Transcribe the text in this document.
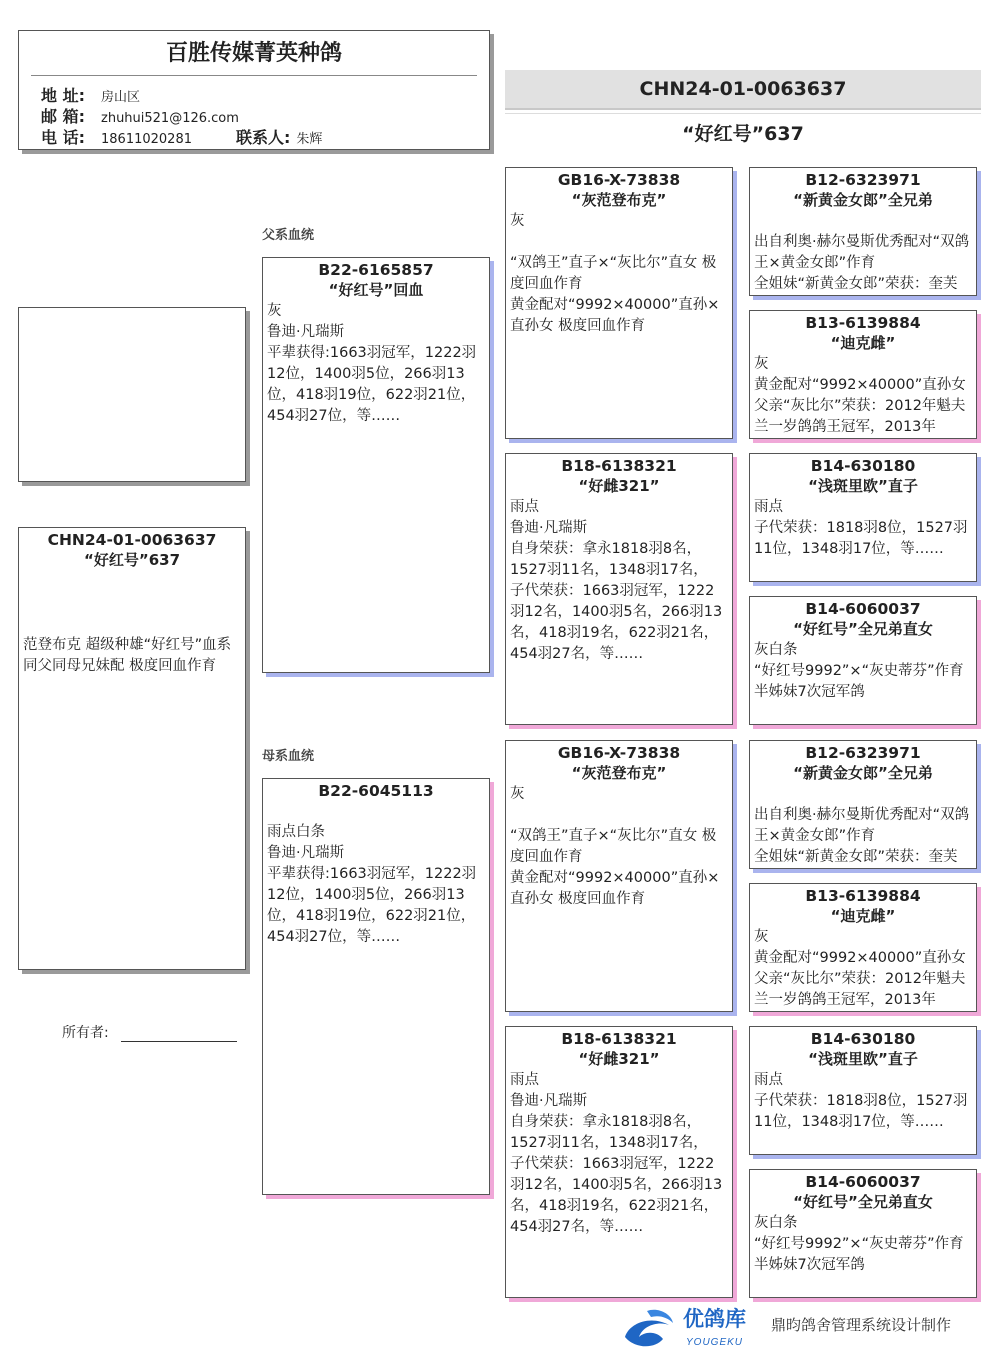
百胜传媒菁英种鸽
地 址: 房山区
邮 箱: zhuhui521@126.com
电 话: 18611020281	联系人: 朱辉
CHN24-01-0063637
“好红号”637
CHN24-01-0063637
“好红号”637
范登布克 超级种雄“好红号”血系 同父同母兄妹配 极度回血作育
所有者:
父系血统
母系血统
B22-6165857
“好红号”回血
灰
鲁迪·凡瑞斯
平辈获得:1663羽冠军，1222羽12位，1400羽5位，266羽13位，418羽19位，622羽21位，454羽27位，等……
B22-6045113
雨点白条
鲁迪·凡瑞斯
平辈获得:1663羽冠军，1222羽12位，1400羽5位，266羽13位，418羽19位，622羽21位，454羽27位，等……
GB16-X-73838
“灰范登布克”
灰
“双鸽王”直子×“灰比尔”直女 极度回血作育
黄金配对“9992×40000”直孙×直孙女 极度回血作育
B18-6138321
“好雌321”
雨点
鲁迪·凡瑞斯
自身荣获：拿永1818羽8名，1527羽11名，1348羽17名，
子代荣获：1663羽冠军，1222羽12名，1400羽5名，266羽13名，418羽19名，622羽21名，454羽27名，等……
GB16-X-73838
“灰范登布克”
灰
“双鸽王”直子×“灰比尔”直女 极度回血作育
黄金配对“9992×40000”直孙×直孙女 极度回血作育
B18-6138321
“好雌321”
雨点
鲁迪·凡瑞斯
自身荣获：拿永1818羽8名，1527羽11名，1348羽17名，
子代荣获：1663羽冠军，1222羽12名，1400羽5名，266羽13名，418羽19名，622羽21名，454羽27名，等……
B12-6323971
“新黄金女郎”全兄弟
出自利奥·赫尔曼斯优秀配对“双鸽王×黄金女郎”作育
全姐妹“新黄金女郎”荣获：奎芙
B13-6139884
“迪克雌”
灰
黄金配对“9992×40000”直孙女
父亲“灰比尔”荣获：2012年魁夫兰一岁鸽鸽王冠军，2013年
B14-630180
“浅斑里欧”直子
雨点
子代荣获：1818羽8位，1527羽11位，1348羽17位，等……
B14-6060037
“好红号”全兄弟直女
灰白条
“好红号9992”×“灰史蒂芬”作育
半姊妹7次冠军鸽
B12-6323971
“新黄金女郎”全兄弟
出自利奥·赫尔曼斯优秀配对“双鸽王×黄金女郎”作育
全姐妹“新黄金女郎”荣获：奎芙
B13-6139884
“迪克雌”
灰
黄金配对“9992×40000”直孙女
父亲“灰比尔”荣获：2012年魁夫兰一岁鸽鸽王冠军，2013年
B14-630180
“浅斑里欧”直子
雨点
子代荣获：1818羽8位，1527羽11位，1348羽17位，等……
B14-6060037
“好红号”全兄弟直女
灰白条
“好红号9992”×“灰史蒂芬”作育
半姊妹7次冠军鸽
优鸽库
YOUGEKU
鼎昀鸽舍管理系统设计制作
